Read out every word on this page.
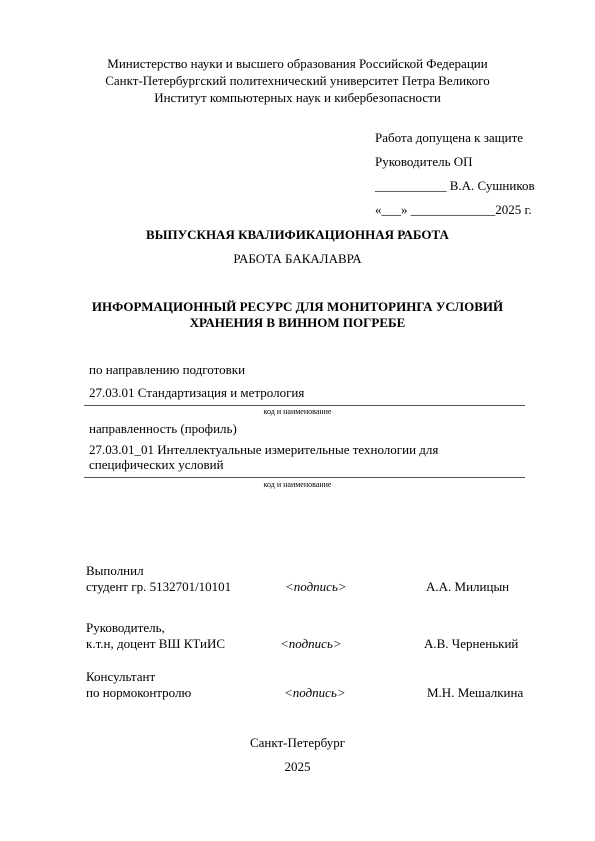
Министерство науки и высшего образования Российской Федерации
Санкт-Петербургский политехнический университет Петра Великого
Институт компьютерных наук и кибербезопасности
Работа допущена к защите
Руководитель ОП
___________ В.А. Сушников
«___» _____________2025 г.
ВЫПУСКНАЯ КВАЛИФИКАЦИОННАЯ РАБОТА
РАБОТА БАКАЛАВРА
ИНФОРМАЦИОННЫЙ РЕСУРС ДЛЯ МОНИТОРИНГА УСЛОВИЙ
ХРАНЕНИЯ В ВИННОМ ПОГРЕБЕ
по направлению подготовки
27.03.01 Стандартизация и метрология
код и наименование
направленность (профиль)
27.03.01_01 Интеллектуальные измерительные технологии для
специфических условий
код и наименование
Выполнил
студент гр. 5132701/10101	<подпись>	А.А. Милицын
Руководитель,
к.т.н, доцент ВШ КТиИС	<подпись>	А.В. Черненький
Консультант
по нормоконтролю	<подпись>	М.Н. Мешалкина
Санкт-Петербург
2025
